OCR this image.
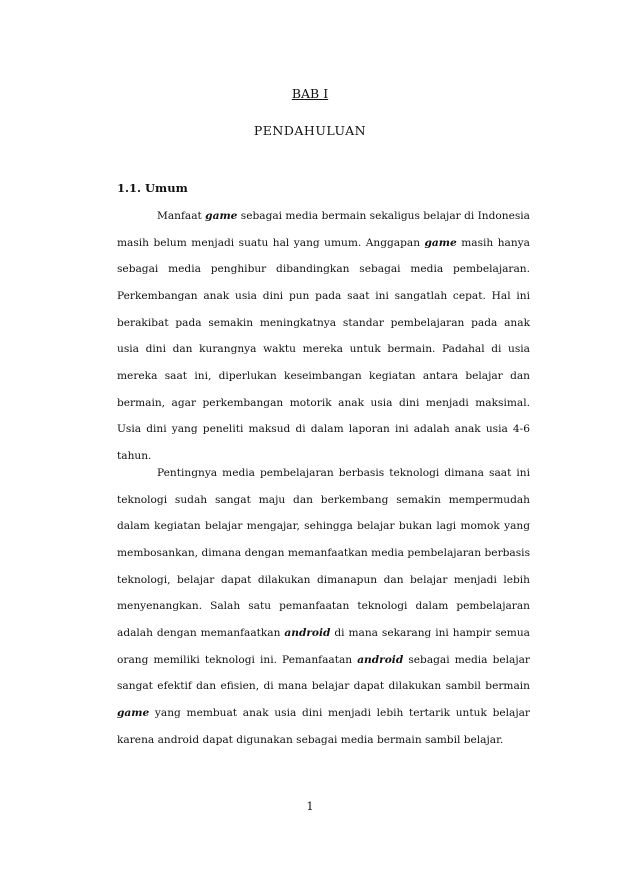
BAB I
PENDAHULUAN
1.1. Umum

Manfaat game sebagai media bermain sekaligus belajar di Indonesia masih belum menjadi suatu hal yang umum. Anggapan game masih hanya sebagai media penghibur dibandingkan sebagai media pembelajaran. Perkembangan anak usia dini pun pada saat ini sangatlah cepat. Hal ini berakibat pada semakin meningkatnya standar pembelajaran pada anak usia dini dan kurangnya waktu mereka untuk bermain. Padahal di usia mereka saat ini, diperlukan keseimbangan kegiatan antara belajar dan bermain, agar perkembangan motorik anak usia dini menjadi maksimal. Usia dini yang peneliti maksud di dalam laporan ini adalah anak usia 4-6 tahun.

Pentingnya media pembelajaran berbasis teknologi dimana saat ini teknologi sudah sangat maju dan berkembang semakin mempermudah dalam kegiatan belajar mengajar, sehingga belajar bukan lagi momok yang membosankan, dimana dengan memanfaatkan media pembelajaran berbasis teknologi, belajar dapat dilakukan dimanapun dan belajar menjadi lebih menyenangkan. Salah satu pemanfaatan teknologi dalam pembelajaran adalah dengan memanfaatkan android di mana sekarang ini hampir semua orang memiliki teknologi ini. Pemanfaatan android sebagai media belajar sangat efektif dan efisien, di mana belajar dapat dilakukan sambil bermain game yang membuat anak usia dini menjadi lebih tertarik untuk belajar karena android dapat digunakan sebagai media bermain sambil belajar.

1
